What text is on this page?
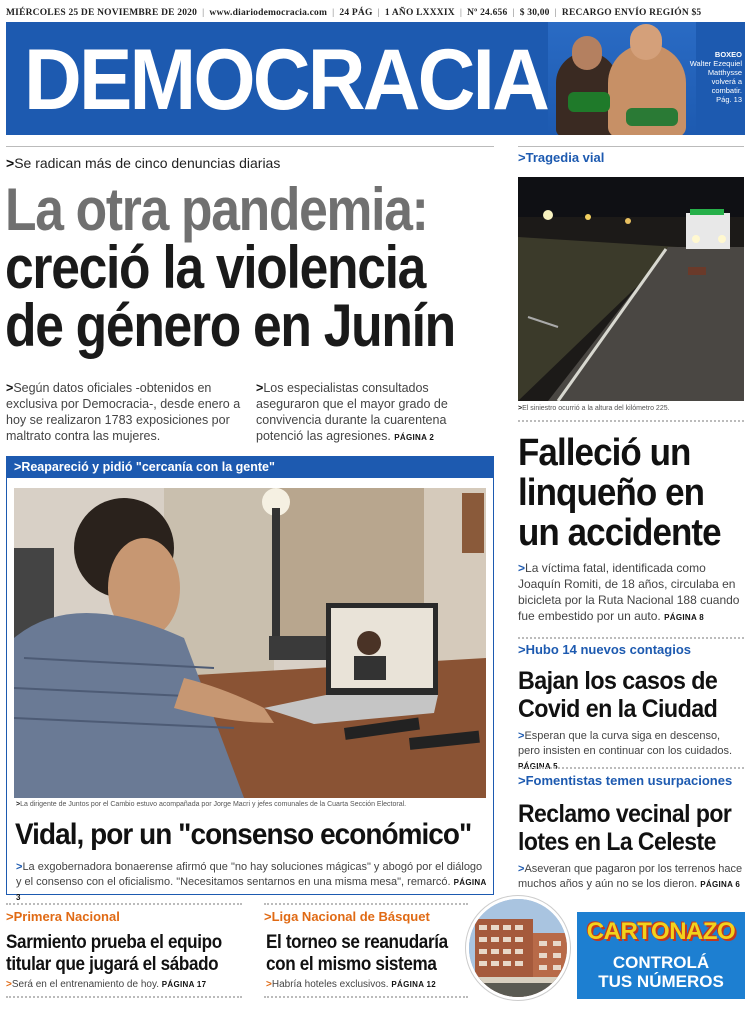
MIÉRCOLES 25 DE NOVIEMBRE DE 2020 | www.diariodemocracia.com | 24 PÁG | 1 AÑO LXXXIX | Nº 24.656 | $ 30,00 | RECARGO ENVÍO REGIÓN $5
DEMOCRACIA	BOXEO
Walter Ezequiel Matthysse volverá a combatir.
Pág. 13
>Se radican más de cinco denuncias diarias
La otra pandemia:
creció la violencia
de género en Junín
>Según datos oficiales -obtenidos en exclusiva por Democracia-, desde enero a hoy se realizaron 1783 exposiciones por maltrato contra las mujeres.
>Los especialistas consultados aseguraron que el mayor grado de convivencia durante la cuarentena potenció las agresiones. PÁGINA 2
>Reapareció y pidió "cercanía con la gente"
>La dirigente de Juntos por el Cambio estuvo acompañada por Jorge Macri y jefes comunales de la Cuarta Sección Electoral.
Vidal, por un "consenso económico"
>La exgobernadora bonaerense afirmó que "no hay soluciones mágicas" y abogó por el diálogo y el consenso con el oficialismo. "Necesitamos sentarnos en una misma mesa", remarcó. PÁGINA 3
>Tragedia vial
>El siniestro ocurrió a la altura del kilómetro 225.
Falleció un
linqueño en
un accidente
>La víctima fatal, identificada como Joaquín Romiti, de 18 años, circulaba en bicicleta por la Ruta Nacional 188 cuando fue embestido por un auto. PÁGINA 8
>Hubo 14 nuevos contagios
Bajan los casos de
Covid en la Ciudad
>Esperan que la curva siga en descenso, pero insisten en continuar con los cuidados. PÁGINA 5
>Fomentistas temen usurpaciones
Reclamo vecinal por
lotes en La Celeste
>Aseveran que pagaron por los terrenos hace muchos años y aún no se los dieron. PÁGINA 6
>Primera Nacional
Sarmiento prueba el equipo
titular que jugará el sábado
>Será en el entrenamiento de hoy. PÁGINA 17
>Liga Nacional de Básquet
El torneo se reanudaría
con el mismo sistema
>Habría hoteles exclusivos. PÁGINA 12
CARTONAZO
CONTROLÁ
TUS NÚMEROS
